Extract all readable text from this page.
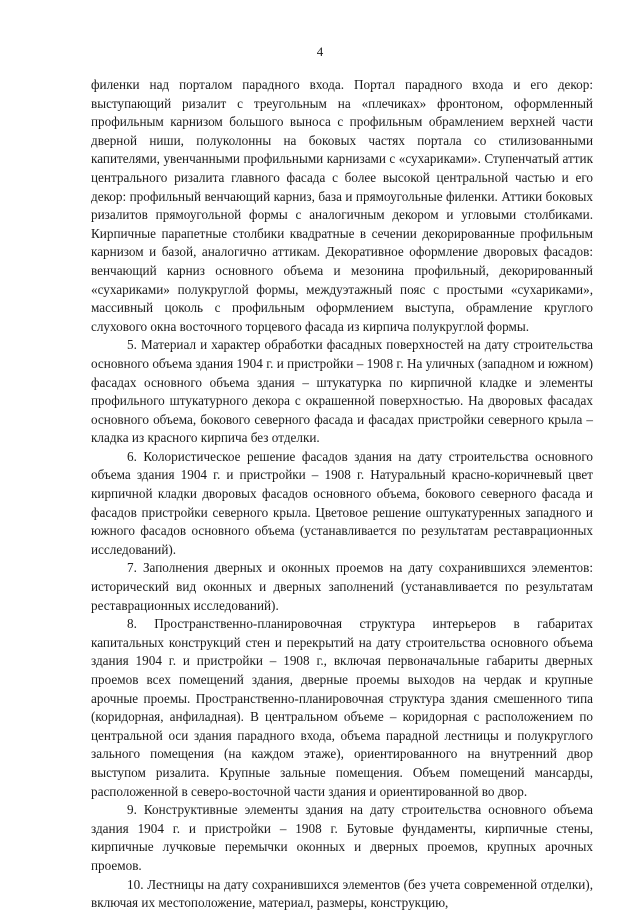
4

филенки над порталом парадного входа. Портал парадного входа и его декор: выступающий ризалит с треугольным на «плечиках» фронтоном, оформленный профильным карнизом большого выноса с профильным обрамлением верхней части дверной ниши, полуколонны на боковых частях портала со стилизованными капителями, увенчанными профильными карнизами с «сухариками». Ступенчатый аттик центрального ризалита главного фасада с более высокой центральной частью и его декор: профильный венчающий карниз, база и прямоугольные филенки. Аттики боковых ризалитов прямоугольной формы с аналогичным декором и угловыми столбиками. Кирпичные парапетные столбики квадратные в сечении декорированные профильным карнизом и базой, аналогично аттикам. Декоративное оформление дворовых фасадов: венчающий карниз основного объема и мезонина профильный, декорированный «сухариками» полукруглой формы, междуэтажный пояс с простыми «сухариками», массивный цоколь с профильным оформлением выступа, обрамление круглого слухового окна восточного торцевого фасада из кирпича полукруглой формы.

5. Материал и характер обработки фасадных поверхностей на дату строительства основного объема здания 1904 г. и пристройки – 1908 г. На уличных (западном и южном) фасадах основного объема здания – штукатурка по кирпичной кладке и элементы профильного штукатурного декора с окрашенной поверхностью. На дворовых фасадах основного объема, бокового северного фасада и фасадах пристройки северного крыла – кладка из красного кирпича без отделки.

6. Колористическое решение фасадов здания на дату строительства основного объема здания 1904 г. и пристройки – 1908 г. Натуральный красно-коричневый цвет кирпичной кладки дворовых фасадов основного объема, бокового северного фасада и фасадов пристройки северного крыла. Цветовое решение оштукатуренных западного и южного фасадов основного объема (устанавливается по результатам реставрационных исследований).

7. Заполнения дверных и оконных проемов на дату сохранившихся элементов: исторический вид оконных и дверных заполнений (устанавливается по результатам реставрационных исследований).

8. Пространственно-планировочная структура интерьеров в габаритах капитальных конструкций стен и перекрытий на дату строительства основного объема здания 1904 г. и пристройки – 1908 г., включая первоначальные габариты дверных проемов всех помещений здания, дверные проемы выходов на чердак и крупные арочные проемы. Пространственно-планировочная структура здания смешенного типа (коридорная, анфиладная). В центральном объеме – коридорная с расположением по центральной оси здания парадного входа, объема парадной лестницы и полукруглого зального помещения (на каждом этаже), ориентированного на внутренний двор выступом ризалита. Крупные зальные помещения. Объем помещений мансарды, расположенной в северо-восточной части здания и ориентированной во двор.

9. Конструктивные элементы здания на дату строительства основного объема здания 1904 г. и пристройки – 1908 г. Бутовые фундаменты, кирпичные стены, кирпичные лучковые перемычки оконных и дверных проемов, крупных арочных проемов.

10. Лестницы на дату сохранившихся элементов (без учета современной отделки), включая их местоположение, материал, размеры, конструкцию,
